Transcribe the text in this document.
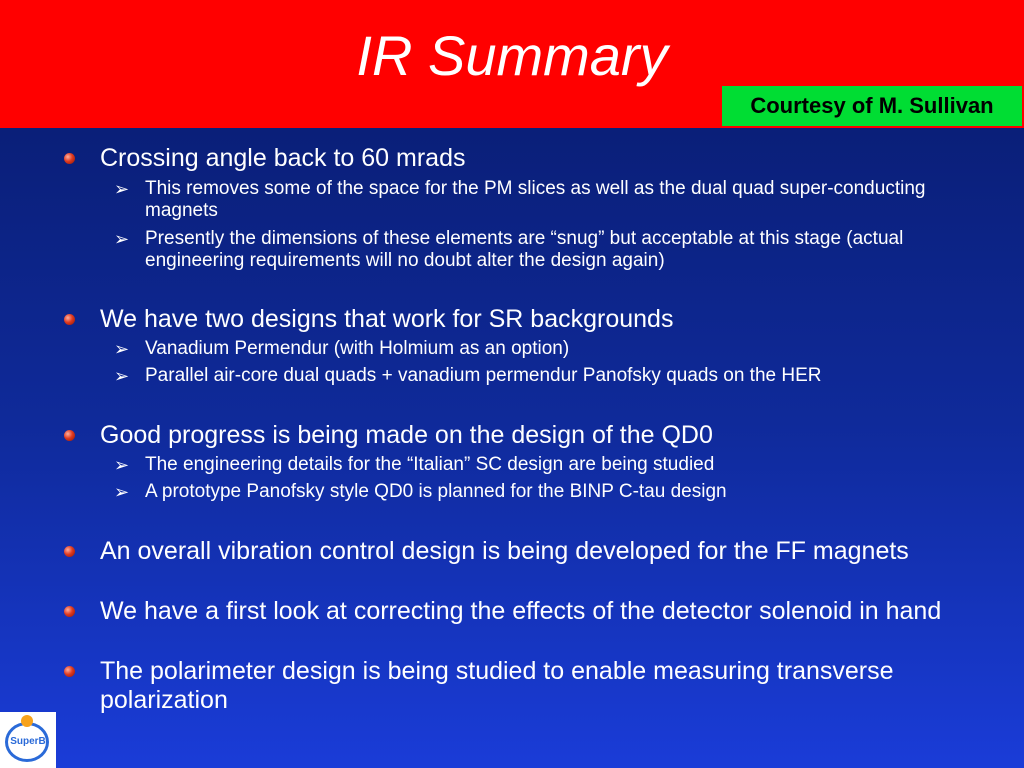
IR Summary
Courtesy of M. Sullivan
Crossing angle back to 60 mrads
➢ This removes some of the space for the PM slices as well as the dual quad super-conducting magnets
➢ Presently the dimensions of these elements are “snug” but acceptable at this stage (actual engineering requirements will no doubt alter the design again)
We have two designs that work for SR backgrounds
➢ Vanadium Permendur (with Holmium as an option)
➢ Parallel air-core dual quads + vanadium permendur Panofsky quads on the HER
Good progress is being made on the design of the QD0
➢ The engineering details for the “Italian” SC design are being studied
➢ A prototype Panofsky style QD0 is planned for the BINP C-tau design
An overall vibration control design is being developed for the FF magnets
We have a first look at correcting the effects of the detector solenoid in hand
The polarimeter design is being studied to enable measuring transverse polarization
SuperB
